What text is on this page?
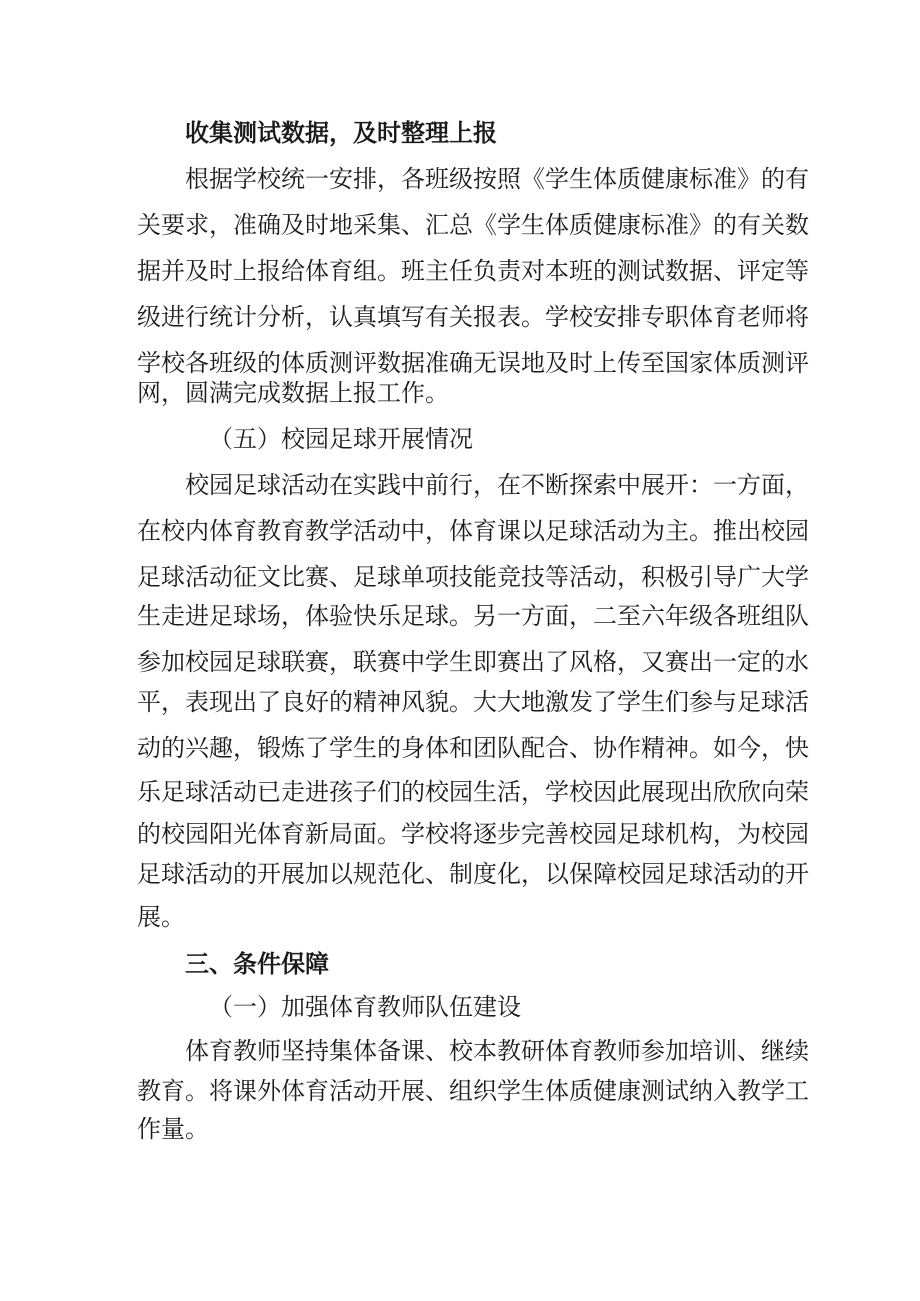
收集测试数据，及时整理上报
根据学校统一安排，各班级按照《学生体质健康标准》的有
关要求，准确及时地采集、汇总《学生体质健康标准》的有关数
据并及时上报给体育组。班主任负责对本班的测试数据、评定等
级进行统计分析，认真填写有关报表。学校安排专职体育老师将
学校各班级的体质测评数据准确无误地及时上传至国家体质测评
网，圆满完成数据上报工作。
（五）校园足球开展情况
校园足球活动在实践中前行，在不断探索中展开：一方面，
在校内体育教育教学活动中，体育课以足球活动为主。推出校园
足球活动征文比赛、足球单项技能竞技等活动，积极引导广大学
生走进足球场，体验快乐足球。另一方面，二至六年级各班组队
参加校园足球联赛，联赛中学生即赛出了风格，又赛出一定的水
平，表现出了良好的精神风貌。大大地激发了学生们参与足球活
动的兴趣，锻炼了学生的身体和团队配合、协作精神。如今，快
乐足球活动已走进孩子们的校园生活，学校因此展现出欣欣向荣
的校园阳光体育新局面。学校将逐步完善校园足球机构，为校园
足球活动的开展加以规范化、制度化，以保障校园足球活动的开
展。
三、条件保障
（一）加强体育教师队伍建设
体育教师坚持集体备课、校本教研体育教师参加培训、继续
教育。将课外体育活动开展、组织学生体质健康测试纳入教学工
作量。
